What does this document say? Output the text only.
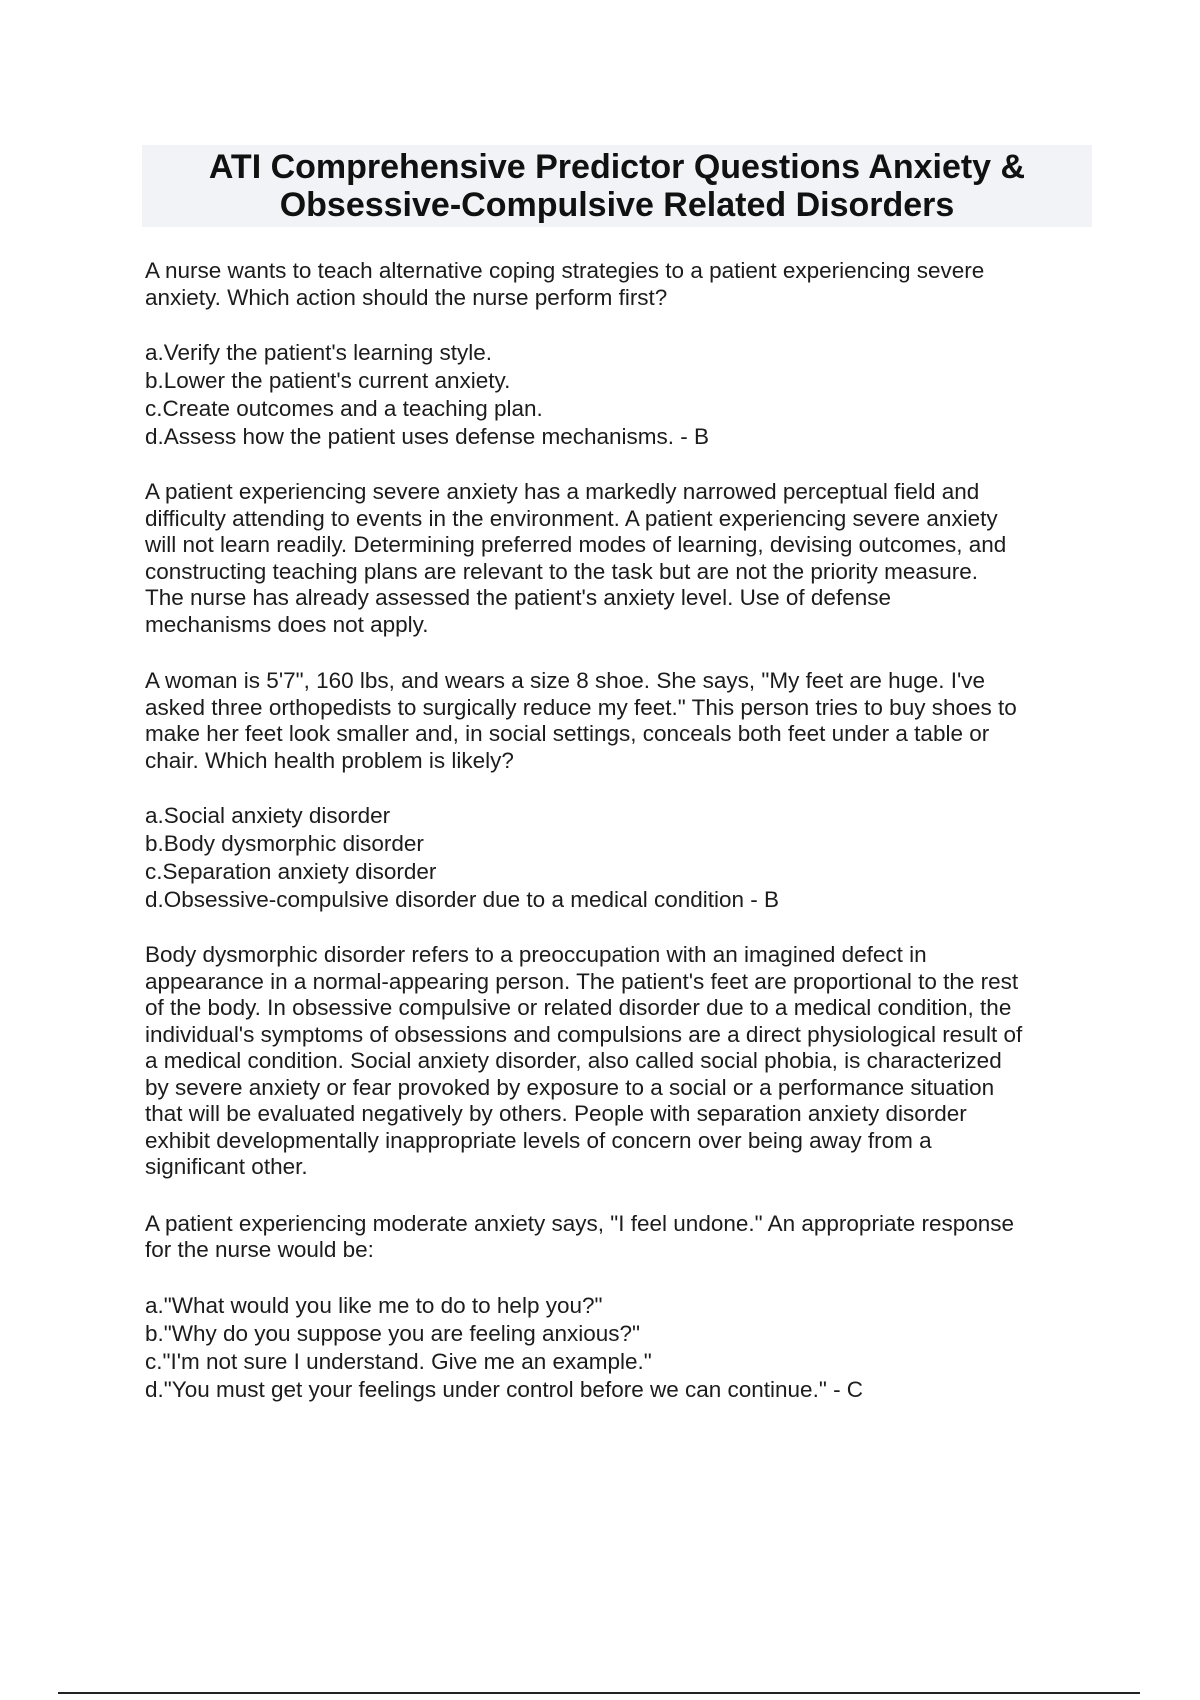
ATI Comprehensive Predictor Questions Anxiety &
Obsessive-Compulsive Related Disorders
A nurse wants to teach alternative coping strategies to a patient experiencing severe
anxiety. Which action should the nurse perform first?
a.Verify the patient's learning style.
b.Lower the patient's current anxiety.
c.Create outcomes and a teaching plan.
d.Assess how the patient uses defense mechanisms. - B
A patient experiencing severe anxiety has a markedly narrowed perceptual field and
difficulty attending to events in the environment. A patient experiencing severe anxiety
will not learn readily. Determining preferred modes of learning, devising outcomes, and
constructing teaching plans are relevant to the task but are not the priority measure.
The nurse has already assessed the patient's anxiety level. Use of defense
mechanisms does not apply.
A woman is 5'7", 160 lbs, and wears a size 8 shoe. She says, "My feet are huge. I've
asked three orthopedists to surgically reduce my feet." This person tries to buy shoes to
make her feet look smaller and, in social settings, conceals both feet under a table or
chair. Which health problem is likely?
a.Social anxiety disorder
b.Body dysmorphic disorder
c.Separation anxiety disorder
d.Obsessive-compulsive disorder due to a medical condition - B
Body dysmorphic disorder refers to a preoccupation with an imagined defect in
appearance in a normal-appearing person. The patient's feet are proportional to the rest
of the body. In obsessive compulsive or related disorder due to a medical condition, the
individual's symptoms of obsessions and compulsions are a direct physiological result of
a medical condition. Social anxiety disorder, also called social phobia, is characterized
by severe anxiety or fear provoked by exposure to a social or a performance situation
that will be evaluated negatively by others. People with separation anxiety disorder
exhibit developmentally inappropriate levels of concern over being away from a
significant other.
A patient experiencing moderate anxiety says, "I feel undone." An appropriate response
for the nurse would be:
a."What would you like me to do to help you?"
b."Why do you suppose you are feeling anxious?"
c."I'm not sure I understand. Give me an example."
d."You must get your feelings under control before we can continue." - C
